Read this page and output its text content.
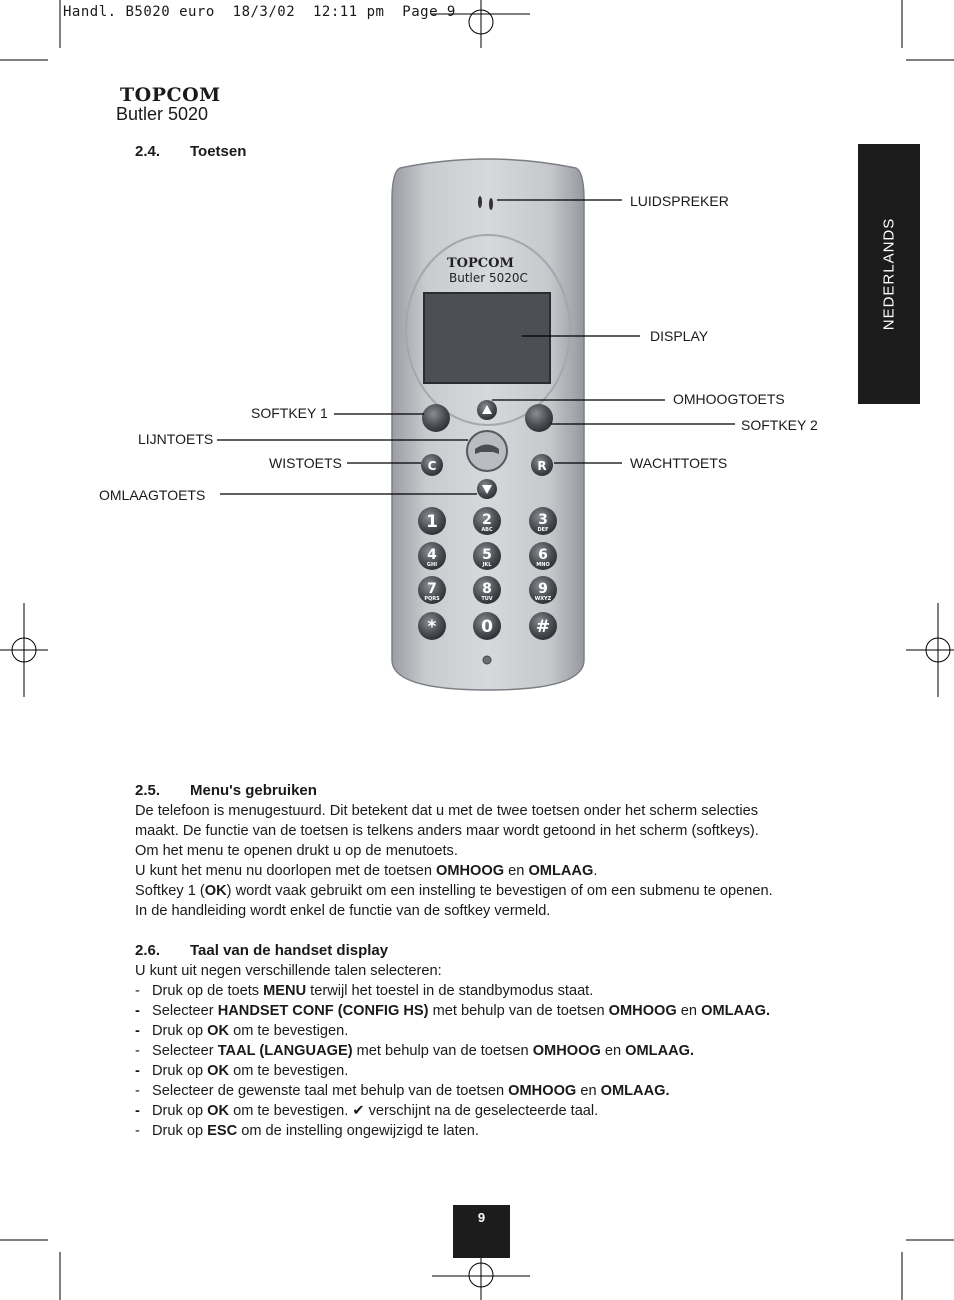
Handl. B5020 euro  18/3/02  12:11 pm  Page 9
TOPCOM
Butler 5020
NEDERLANDS
2.4. Toetsen
TOPCOM
Butler 5020C
C	R
1	2
ABC
3
DEF
4
GHI
5
JKL
6
MNO
7
PQRS
8
TUV
9
WXYZ
*	0	#
LUIDSPREKER
DISPLAY
OMHOOGTOETS
SOFTKEY 2
SOFTKEY 1
LIJNTOETS
WISTOETS	WACHTTOETS
OMLAAGTOETS
2.5. Menu's gebruiken

De telefoon is menugestuurd. Dit betekent dat u met de twee toetsen onder het scherm selecties

maakt. De functie van de toetsen is telkens anders maar wordt getoond in het scherm (softkeys).

Om het menu te openen drukt u op de menutoets.

U kunt het menu nu doorlopen met de toetsen OMHOOG en OMLAAG.

Softkey 1 (OK) wordt vaak gebruikt om een instelling te bevestigen of om een submenu te openen.

In de handleiding wordt enkel de functie van de softkey vermeld.

2.6. Taal van de handset display

U kunt uit negen verschillende talen selecteren:

- Druk op de toets MENU terwijl het toestel in de standbymodus staat.

- Selecteer HANDSET CONF (CONFIG HS) met behulp van de toetsen OMHOOG en OMLAAG.

- Druk op OK om te bevestigen.

- Selecteer TAAL (LANGUAGE) met behulp van de toetsen OMHOOG en OMLAAG.

- Druk op OK om te bevestigen.

- Selecteer de gewenste taal met behulp van de toetsen OMHOOG en OMLAAG.

- Druk op OK om te bevestigen. ✔ verschijnt na de geselecteerde taal.

- Druk op ESC om de instelling ongewijzigd te laten.

9
